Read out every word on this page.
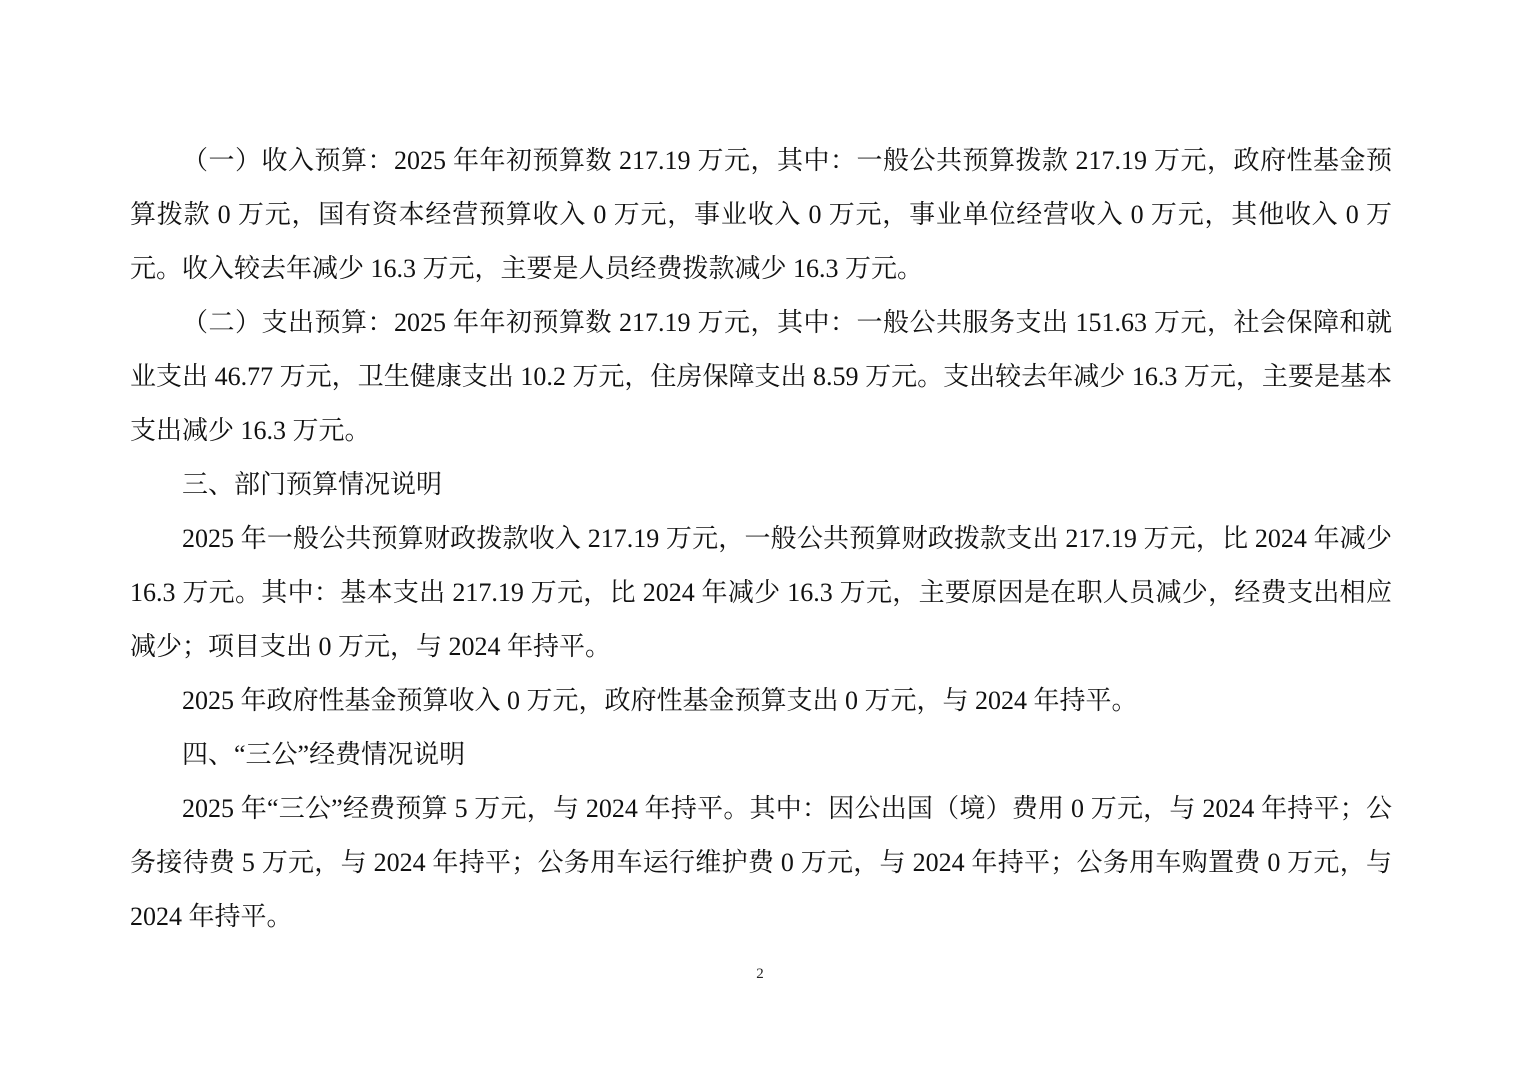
（一）收入预算：2025 年年初预算数 217.19 万元，其中：一般公共预算拨款 217.19 万元，政府性基金预算拨款 0 万元，国有资本经营预算收入 0 万元，事业收入 0 万元，事业单位经营收入 0 万元，其他收入 0 万元。收入较去年减少 16.3 万元，主要是人员经费拨款减少 16.3 万元。

（二）支出预算：2025 年年初预算数 217.19 万元，其中：一般公共服务支出 151.63 万元，社会保障和就业支出 46.77 万元，卫生健康支出 10.2 万元，住房保障支出 8.59 万元。支出较去年减少 16.3 万元，主要是基本支出减少 16.3 万元。

三、部门预算情况说明

2025 年一般公共预算财政拨款收入 217.19 万元，一般公共预算财政拨款支出 217.19 万元，比 2024 年减少 16.3 万元。其中：基本支出 217.19 万元，比 2024 年减少 16.3 万元，主要原因是在职人员减少，经费支出相应减少；项目支出 0 万元，与 2024 年持平。

2025 年政府性基金预算收入 0 万元，政府性基金预算支出 0 万元，与 2024 年持平。

四、“三公”经费情况说明

2025 年“三公”经费预算 5 万元，与 2024 年持平。其中：因公出国（境）费用 0 万元，与 2024 年持平；公务接待费 5 万元，与 2024 年持平；公务用车运行维护费 0 万元，与 2024 年持平；公务用车购置费 0 万元，与 2024 年持平。

2
